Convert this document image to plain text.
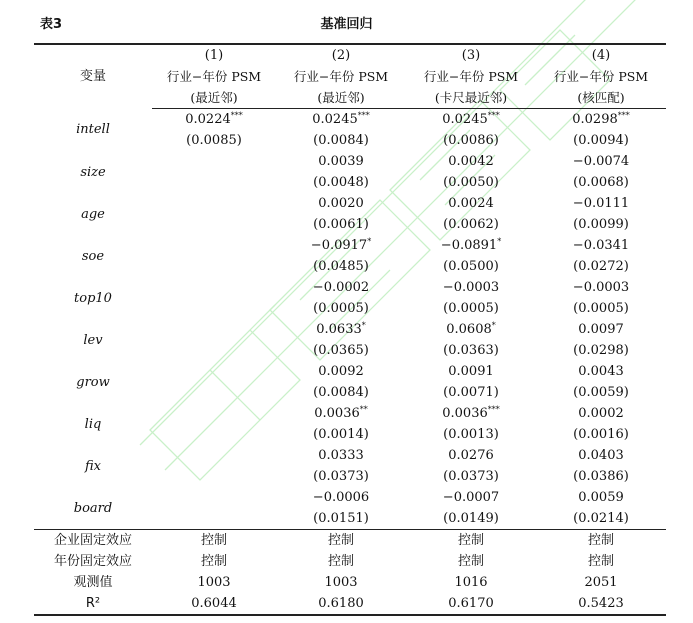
表3	基准回归
变量	(1)	(2)	(3)	(4)
	行业−年份 PSM	行业−年份 PSM	行业−年份 PSM	行业−年份 PSM
	(最近邻)	(最近邻)	(卡尺最近邻)	(核匹配)
intell	0.0224***	0.0245***	0.0245***	0.0298***
	(0.0085)	(0.0084)	(0.0086)	(0.0094)
size		0.0039	0.0042	−0.0074
		(0.0048)	(0.0050)	(0.0068)
age		0.0020	0.0024	−0.0111
		(0.0061)	(0.0062)	(0.0099)
soe		−0.0917*	−0.0891*	−0.0341
		(0.0485)	(0.0500)	(0.0272)
top10		−0.0002	−0.0003	−0.0003
		(0.0005)	(0.0005)	(0.0005)
lev		0.0633*	0.0608*	0.0097
		(0.0365)	(0.0363)	(0.0298)
grow		0.0092	0.0091	0.0043
		(0.0084)	(0.0071)	(0.0059)
liq		0.0036**	0.0036***	0.0002
		(0.0014)	(0.0013)	(0.0016)
fix		0.0333	0.0276	0.0403
		(0.0373)	(0.0373)	(0.0386)
board		−0.0006	−0.0007	0.0059
		(0.0151)	(0.0149)	(0.0214)
企业固定效应	控制	控制	控制	控制
年份固定效应	控制	控制	控制	控制
观测值	1003	1003	1016	2051
R²	0.6044	0.6180	0.6170	0.5423
